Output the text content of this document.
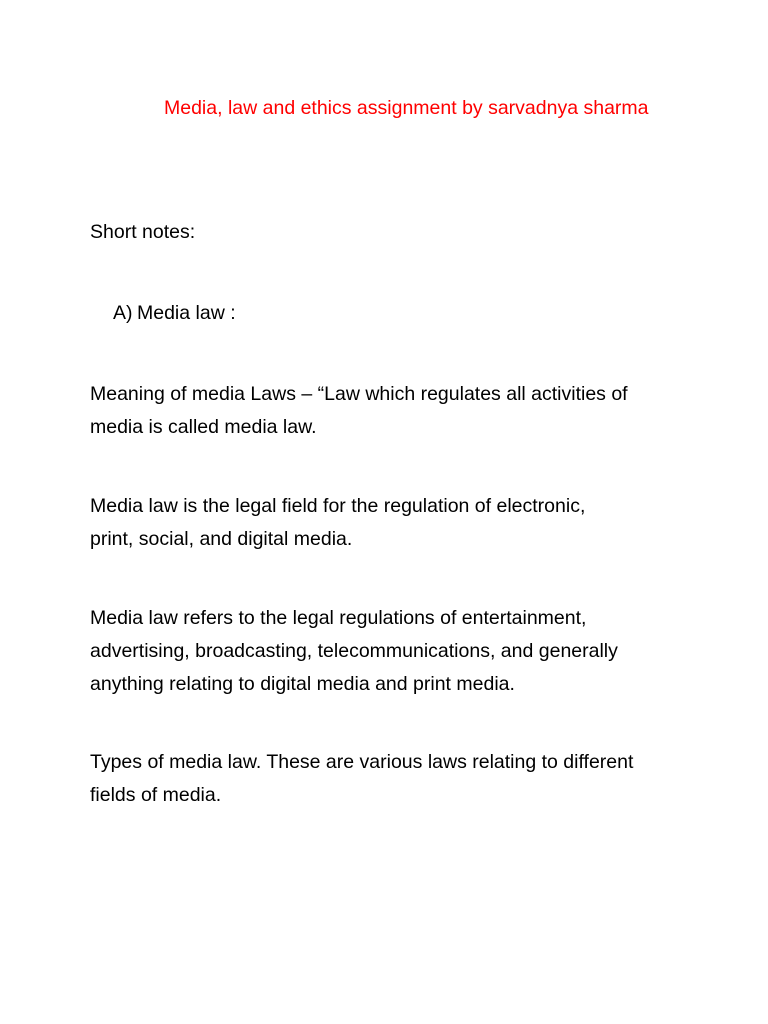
Media, law and ethics assignment by sarvadnya sharma
Short notes:
A) Media law :
Meaning of media Laws – “Law which regulates all activities of
media is called media law.
Media law is the legal field for the regulation of electronic,
print, social, and digital media.
Media law refers to the legal regulations of entertainment,
advertising, broadcasting, telecommunications, and generally
anything relating to digital media and print media.
Types of media law. These are various laws relating to different
fields of media.
